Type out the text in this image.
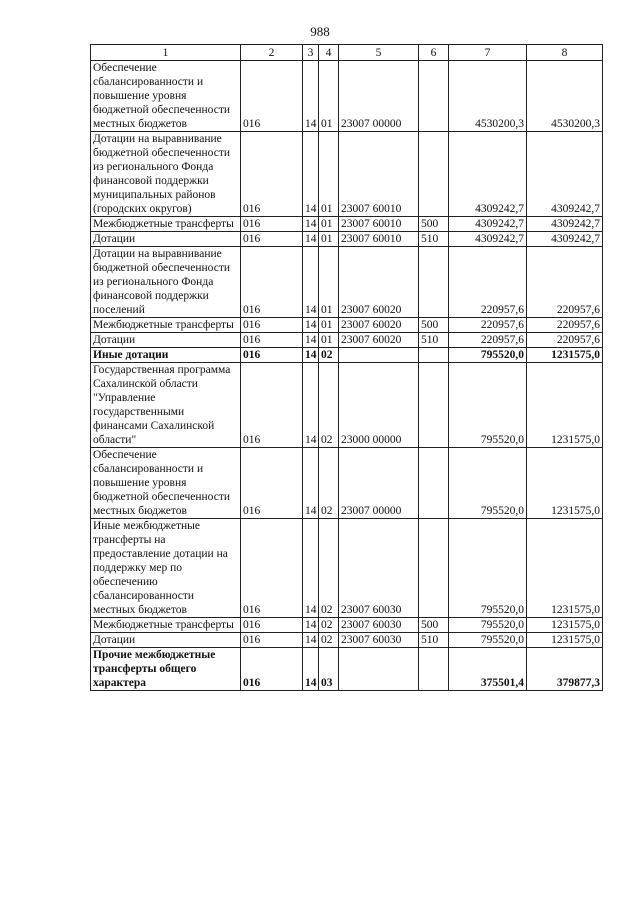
988
1	2	3	4	5	6	7	8
Обеспечение сбалансированности и повышение уровня бюджетной обеспеченности местных бюджетов	016	14	01	23007 00000		4530200,3	4530200,3
Дотации на выравнивание бюджетной обеспеченности из регионального Фонда финансовой поддержки муниципальных районов (городских округов)	016	14	01	23007 60010		4309242,7	4309242,7
Межбюджетные трансферты	016	14	01	23007 60010	500	4309242,7	4309242,7
Дотации	016	14	01	23007 60010	510	4309242,7	4309242,7
Дотации на выравнивание бюджетной обеспеченности из регионального Фонда финансовой поддержки поселений	016	14	01	23007 60020		220957,6	220957,6
Межбюджетные трансферты	016	14	01	23007 60020	500	220957,6	220957,6
Дотации	016	14	01	23007 60020	510	220957,6	220957,6
Иные дотации	016	14	02			795520,0	1231575,0
Государственная программа Сахалинской области "Управление государственными финансами Сахалинской области"	016	14	02	23000 00000		795520,0	1231575,0
Обеспечение сбалансированности и повышение уровня бюджетной обеспеченности местных бюджетов	016	14	02	23007 00000		795520,0	1231575,0
Иные межбюджетные трансферты на предоставление дотации на поддержку мер по обеспечению сбалансированности местных бюджетов	016	14	02	23007 60030		795520,0	1231575,0
Межбюджетные трансферты	016	14	02	23007 60030	500	795520,0	1231575,0
Дотации	016	14	02	23007 60030	510	795520,0	1231575,0
Прочие межбюджетные трансферты общего характера	016	14	03			375501,4	379877,3
